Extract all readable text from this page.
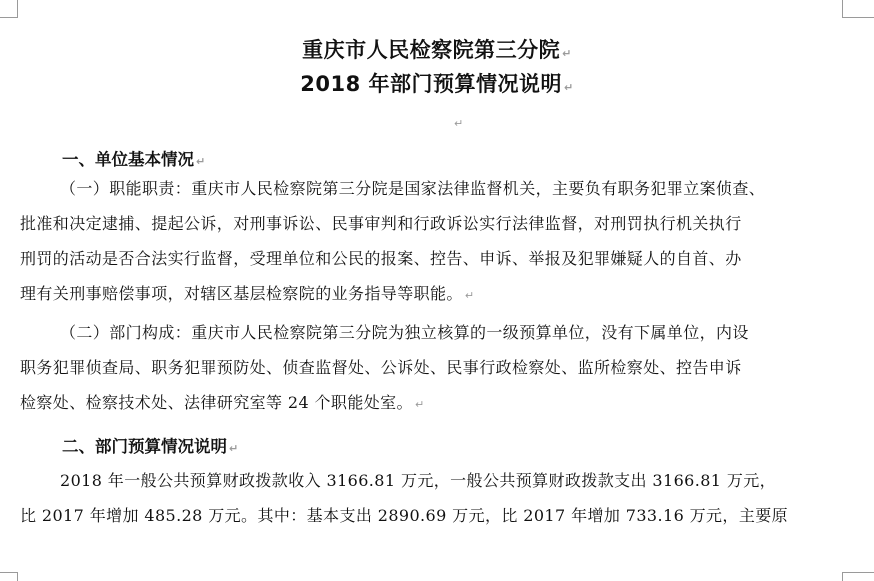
重庆市人民检察院第三分院 ↵
2018 年部门预算情况说明 ↵
↵
一、单位基本情况 ↵
（一）职能职责：重庆市人民检察院第三分院是国家法律监督机关，主要负有职务犯罪立案侦查、
批准和决定逮捕、提起公诉，对刑事诉讼、民事审判和行政诉讼实行法律监督，对刑罚执行机关执行
刑罚的活动是否合法实行监督，受理单位和公民的报案、控告、申诉、举报及犯罪嫌疑人的自首、办
理有关刑事赔偿事项，对辖区基层检察院的业务指导等职能。 ↵
（二）部门构成：重庆市人民检察院第三分院为独立核算的一级预算单位，没有下属单位，内设
职务犯罪侦查局、职务犯罪预防处、侦查监督处、公诉处、民事行政检察处、监所检察处、控告申诉
检察处、检察技术处、法律研究室等 24 个职能处室。 ↵
二、部门预算情况说明 ↵
2018 年一般公共预算财政拨款收入 3166.81 万元，一般公共预算财政拨款支出 3166.81 万元，
比 2017 年增加 485.28 万元。其中：基本支出 2890.69 万元，比 2017 年增加 733.16 万元，主要原
